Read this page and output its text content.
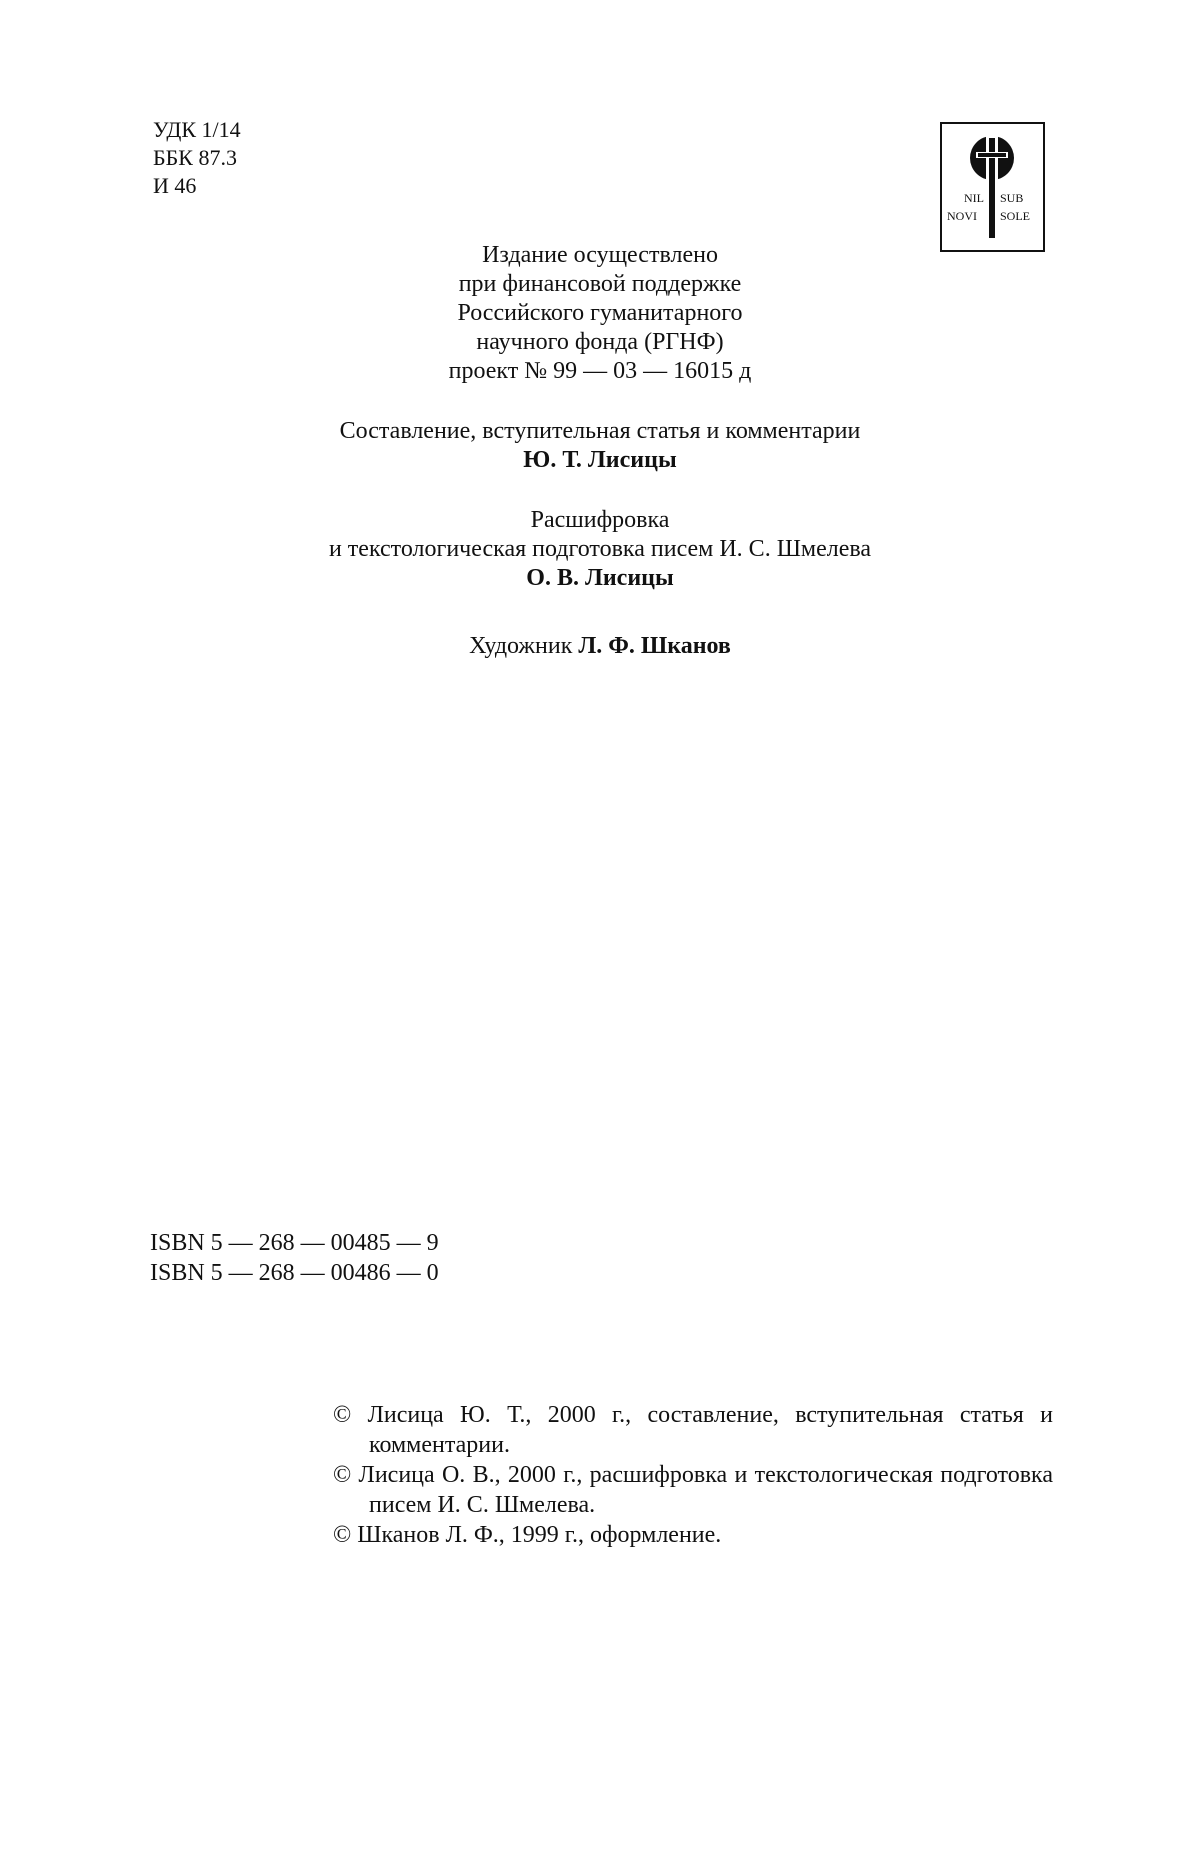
УДК 1/14
ББК 87.3
И 46	NIL SUB
NOVI SOLE
Издание осуществлено
при финансовой поддержке
Российского гуманитарного
научного фонда (РГНФ)
проект № 99 — 03 — 16015 д
Составление, вступительная статья и комментарии
Ю. Т. Лисицы
Расшифровка
и текстологическая подготовка писем И. С. Шмелева
О. В. Лисицы
Художник Л. Ф. Шканов
ISBN 5 — 268 — 00485 — 9
ISBN 5 — 268 — 00486 — 0
© Лисица Ю. Т., 2000 г., составление, вступительная статья и комментарии.
© Лисица О. В., 2000 г., расшифровка и текстологическая подготовка писем И. С. Шмелева.
© Шканов Л. Ф., 1999 г., оформление.
